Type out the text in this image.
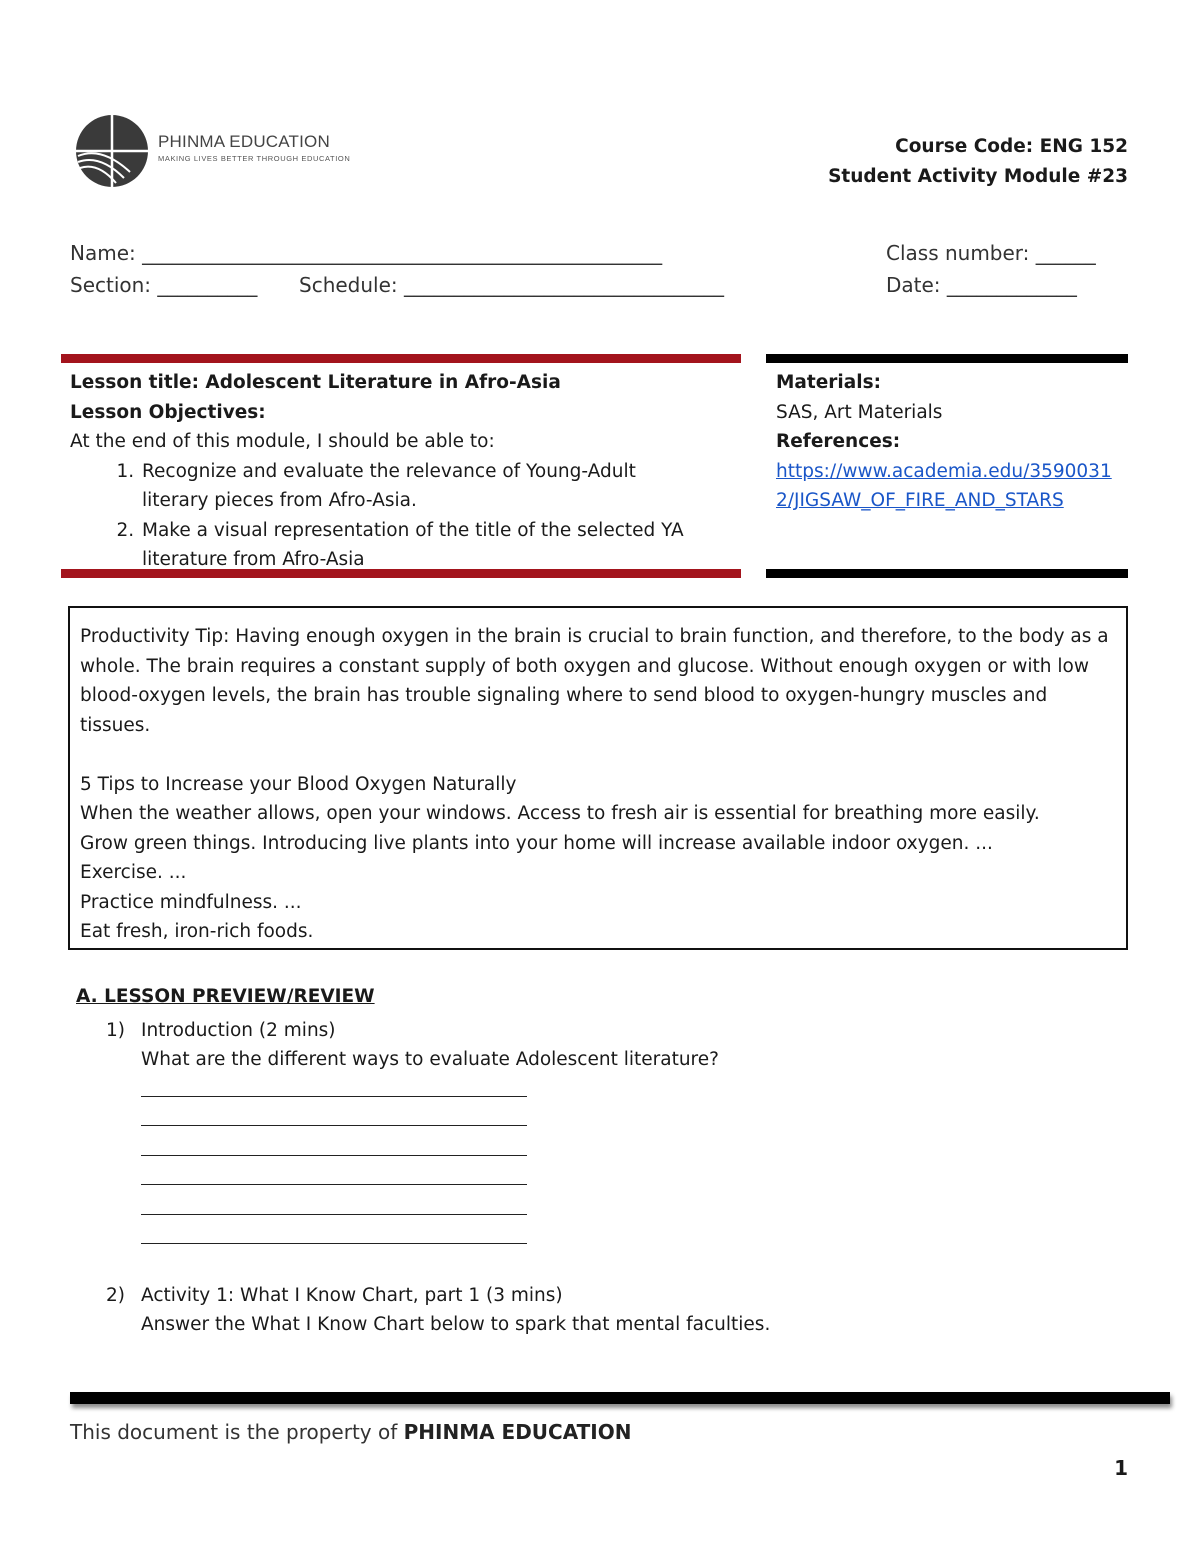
PHINMA EDUCATION
MAKING LIVES BETTER THROUGH EDUCATION
Course Code: ENG 152
Student Activity Module #23
Name: ____________________________________________________
Section: __________ Schedule: ________________________________
Class number: ______
Date: _____________
Lesson title: Adolescent Literature in Afro-Asia
Lesson Objectives:
At the end of this module, I should be able to:
1. Recognize and evaluate the relevance of Young-Adult literary pieces from Afro-Asia.
2. Make a visual representation of the title of the selected YA literature from Afro-Asia
Materials:
SAS, Art Materials
References:
https://www.academia.edu/35900312/JIGSAW_OF_FIRE_AND_STARS

Productivity Tip: Having enough oxygen in the brain is crucial to brain function, and therefore, to the body as a whole. The brain requires a constant supply of both oxygen and glucose. Without enough oxygen or with low blood-oxygen levels, the brain has trouble signaling where to send blood to oxygen-hungry muscles and tissues.

5 Tips to Increase your Blood Oxygen Naturally

When the weather allows, open your windows. Access to fresh air is essential for breathing more easily.

Grow green things. Introducing live plants into your home will increase available indoor oxygen. ...

Exercise. ...

Practice mindfulness. ...

Eat fresh, iron-rich foods.

A. LESSON PREVIEW/REVIEW
1) Introduction (2 mins)
What are the different ways to evaluate Adolescent literature?
2) Activity 1: What I Know Chart, part 1 (3 mins)
Answer the What I Know Chart below to spark that mental faculties.
This document is the property of PHINMA EDUCATION
1
